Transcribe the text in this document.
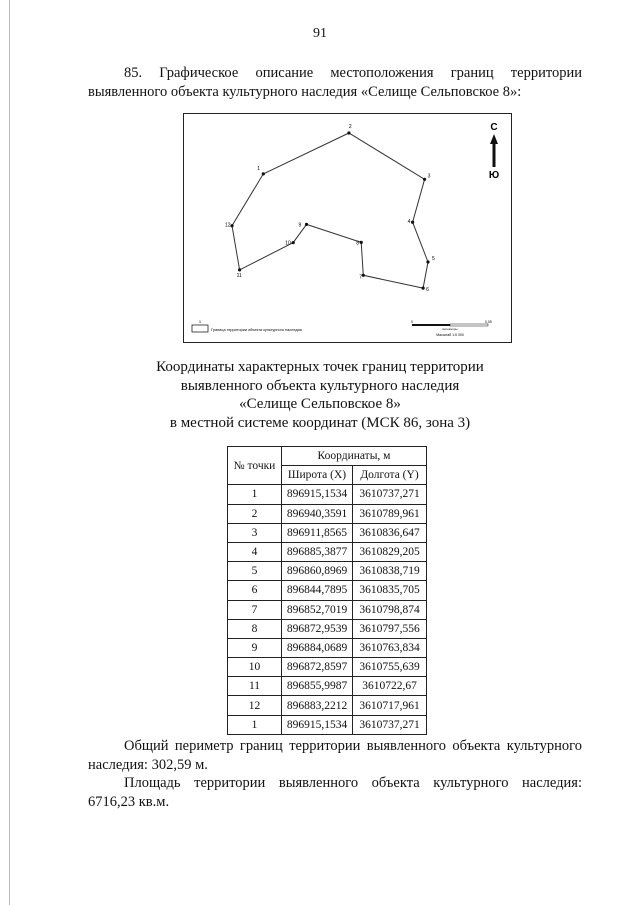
91
85. Графическое описание местоположения границ территории выявленного объекта культурного наследия «Селище Сельповское 8»:
1
2
3
4
5
6
7
8
9
10
11
12
С
Ю
1
Граница территории объекта культурного наследия
0	0,05
километры
Масштаб 1:5 000
Координаты характерных точек границ территории
выявленного объекта культурного наследия
«Селище Сельповское 8»
в местной системе координат (МСК 86, зона 3)
№ точки	Координаты, м	
	Широта (X)	Долгота (Y)
1	896915,1534	3610737,271
2	896940,3591	3610789,961
3	896911,8565	3610836,647
4	896885,3877	3610829,205
5	896860,8969	3610838,719
6	896844,7895	3610835,705
7	896852,7019	3610798,874
8	896872,9539	3610797,556
9	896884,0689	3610763,834
10	896872,8597	3610755,639
11	896855,9987	3610722,67
12	896883,2212	3610717,961
1	896915,1534	3610737,271
Общий периметр границ территории выявленного объекта культурного наследия: 302,59 м.
Площадь территории выявленного объекта культурного наследия: 6716,23 кв.м.
